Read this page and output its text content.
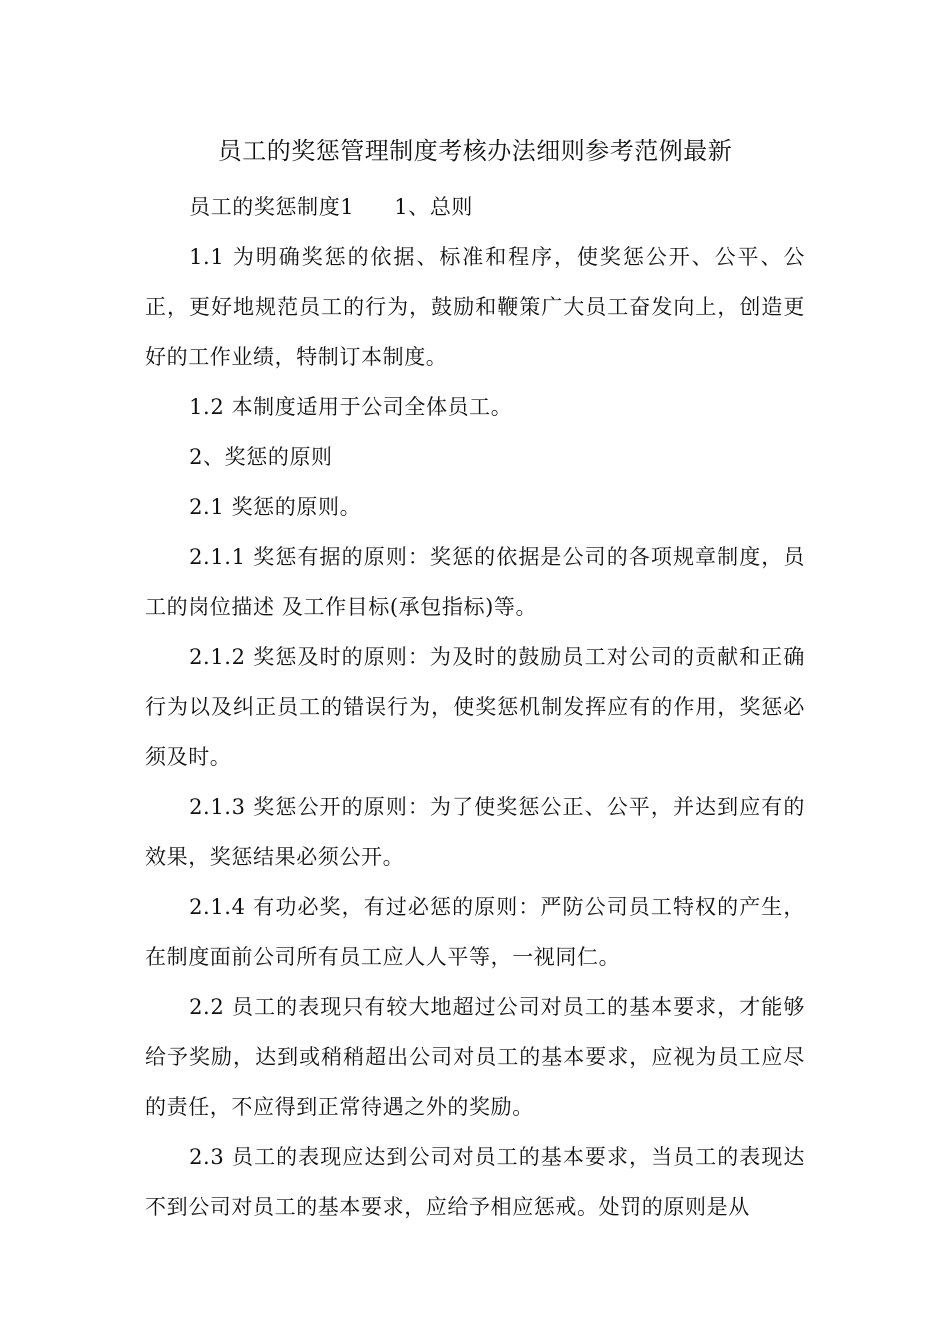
员工的奖惩管理制度考核办法细则参考范例最新

员工的奖惩制度1 1、总则

1.1 为明确奖惩的依据、标准和程序，使奖惩公开、公平、公正，更好地规范员工的行为，鼓励和鞭策广大员工奋发向上，创造更好的工作业绩，特制订本制度。

1.2 本制度适用于公司全体员工。

2、奖惩的原则

2.1 奖惩的原则。

2.1.1 奖惩有据的原则：奖惩的依据是公司的各项规章制度，员工的岗位描述 及工作目标(承包指标)等。

2.1.2 奖惩及时的原则：为及时的鼓励员工对公司的贡献和正确行为以及纠正员工的错误行为，使奖惩机制发挥应有的作用，奖惩必须及时。

2.1.3 奖惩公开的原则：为了使奖惩公正、公平，并达到应有的效果，奖惩结果必须公开。

2.1.4 有功必奖，有过必惩的原则：严防公司员工特权的产生，在制度面前公司所有员工应人人平等，一视同仁。

2.2 员工的表现只有较大地超过公司对员工的基本要求，才能够给予奖励，达到或稍稍超出公司对员工的基本要求，应视为员工应尽的责任，不应得到正常待遇之外的奖励。

2.3 员工的表现应达到公司对员工的基本要求，当员工的表现达不到公司对员工的基本要求，应给予相应惩戒。处罚的原则是从
